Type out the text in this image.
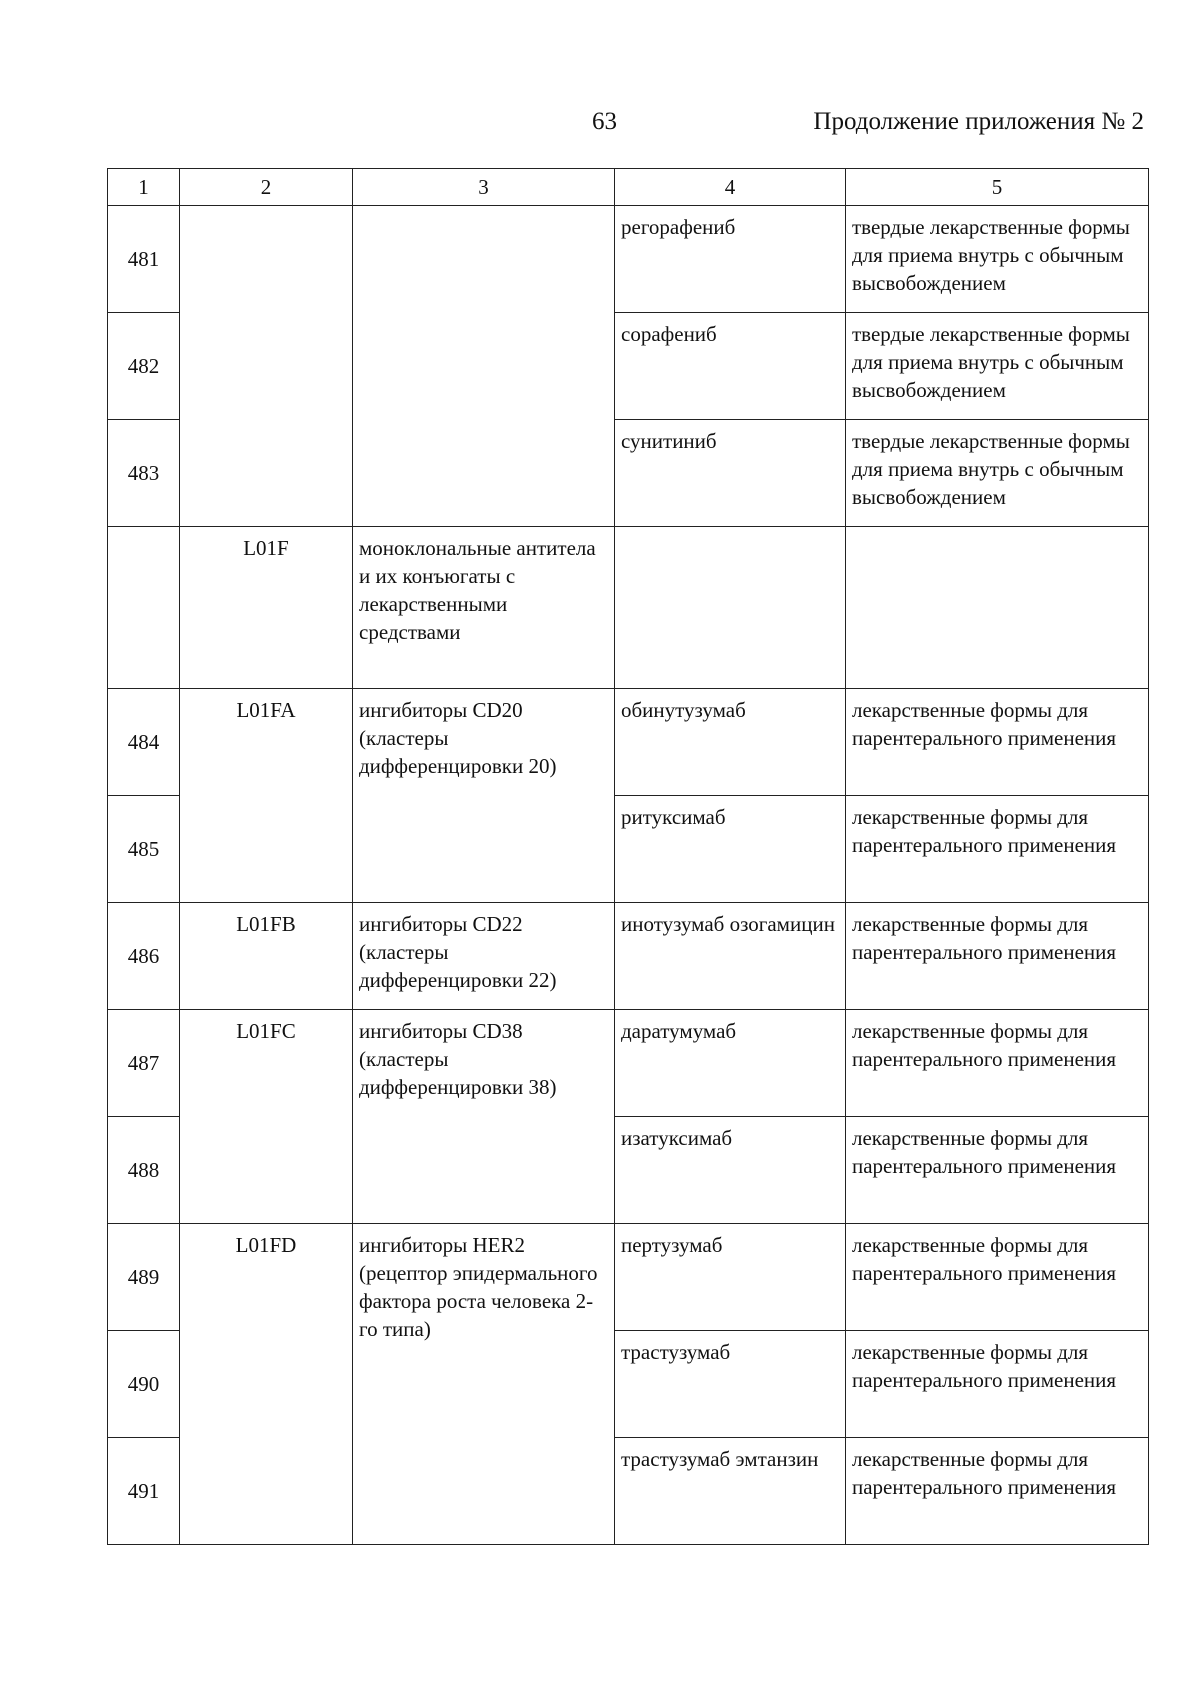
63	Продолжение приложения № 2
1	2	3	4	5
481			регорафениб	твердые лекарственные формы для приема внутрь с обычным высвобождением
482			сорафениб	твердые лекарственные формы для приема внутрь с обычным высвобождением
483			сунитиниб	твердые лекарственные формы для приема внутрь с обычным высвобождением
	L01F	моноклональные антитела и их конъюгаты с лекарственными средствами		
484	L01FA	ингибиторы CD20 (кластеры дифференцировки 20)	обинутузумаб	лекарственные формы для парентерального применения
485			ритуксимаб	лекарственные формы для парентерального применения
486	L01FB	ингибиторы CD22 (кластеры дифференцировки 22)	инотузумаб озогамицин	лекарственные формы для парентерального применения
487	L01FC	ингибиторы CD38 (кластеры дифференцировки 38)	даратумумаб	лекарственные формы для парентерального применения
488			изатуксимаб	лекарственные формы для парентерального применения
489	L01FD	ингибиторы HER2 (рецептор эпидермального фактора роста человека 2-го типа)	пертузумаб	лекарственные формы для парентерального применения
490			трастузумаб	лекарственные формы для парентерального применения
491			трастузумаб эмтанзин	лекарственные формы для парентерального применения
